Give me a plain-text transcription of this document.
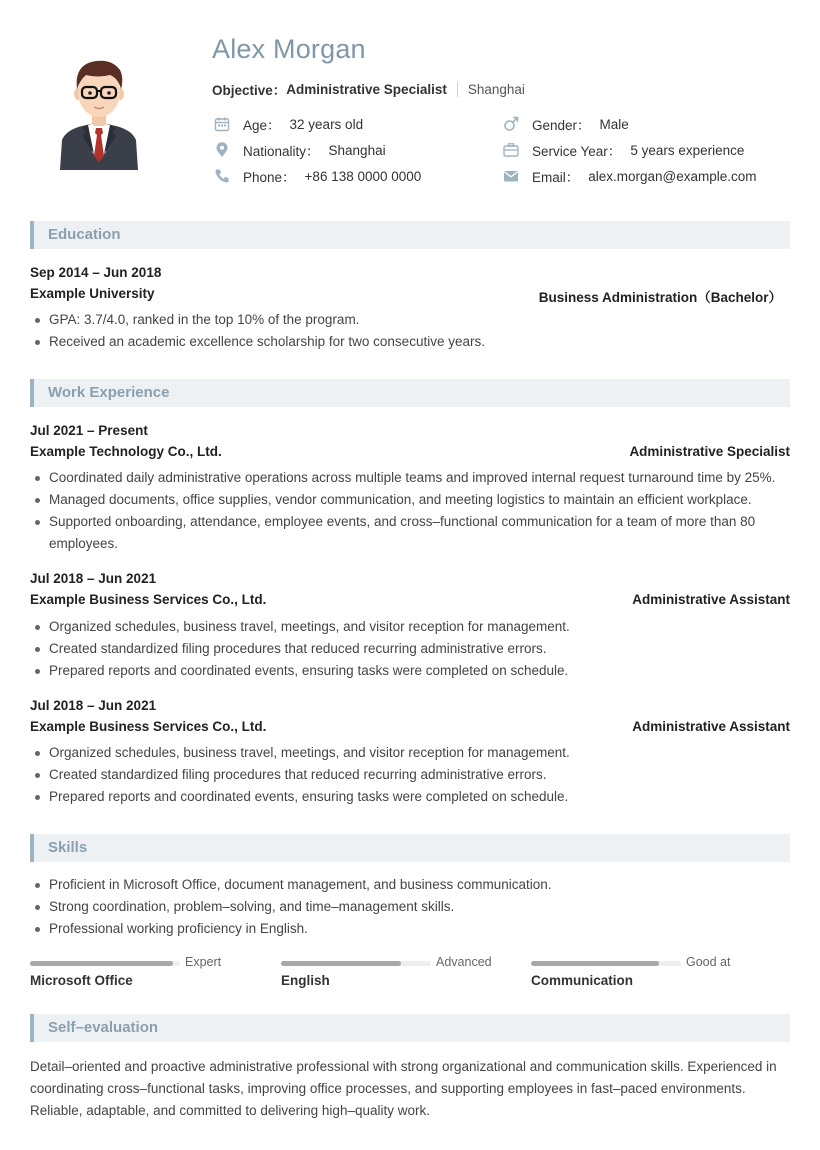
Alex Morgan
Objective： Administrative Specialist Shanghai
Age： 32 years old	Gender： Male
Nationality： Shanghai	Service Year： 5 years experience
Phone： +86 138 0000 0000	Email： alex.morgan@example.com
Education
Sep 2014 – Jun 2018
Example University	Business Administration（Bachelor）
GPA: 3.7/4.0, ranked in the top 10% of the program.
Received an academic excellence scholarship for two consecutive years.
Work Experience
Jul 2021 – Present
Example Technology Co., Ltd.	Administrative Specialist
Coordinated daily administrative operations across multiple teams and improved internal request turnaround time by 25%.
Managed documents, office supplies, vendor communication, and meeting logistics to maintain an efficient workplace.
Supported onboarding, attendance, employee events, and cross–functional communication for a team of more than 80 employees.
Jul 2018 – Jun 2021
Example Business Services Co., Ltd.	Administrative Assistant
Organized schedules, business travel, meetings, and visitor reception for management.
Created standardized filing procedures that reduced recurring administrative errors.
Prepared reports and coordinated events, ensuring tasks were completed on schedule.
Jul 2018 – Jun 2021
Example Business Services Co., Ltd.	Administrative Assistant
Organized schedules, business travel, meetings, and visitor reception for management.
Created standardized filing procedures that reduced recurring administrative errors.
Prepared reports and coordinated events, ensuring tasks were completed on schedule.
Skills
Proficient in Microsoft Office, document management, and business communication.
Strong coordination, problem–solving, and time–management skills.
Professional working proficiency in English.
Expert
Microsoft Office
Advanced
English
Good at
Communication
Self–evaluation
Detail–oriented and proactive administrative professional with strong organizational and communication skills. Experienced in coordinating cross–functional tasks, improving office processes, and supporting employees in fast–paced environments. Reliable, adaptable, and committed to delivering high–quality work.
